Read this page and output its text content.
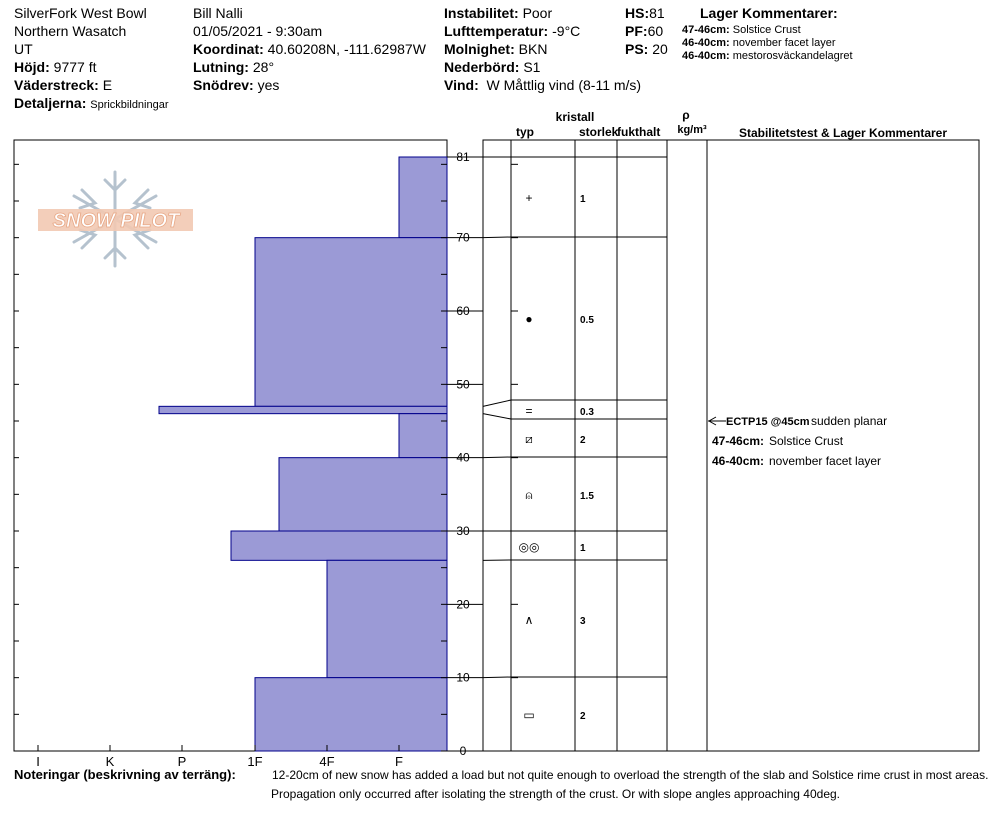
SilverFork West Bowl
Northern Wasatch
UT
Höjd: 9777 ft
Väderstreck: E
Detaljerna: Sprickbildningar
Bill Nalli
01/05/2021 - 9:30am
Koordinat: 40.60208N, -111.62987W
Lutning: 28°
Snödrev: yes
Instabilitet: Poor
Lufttemperatur: -9°C
Molnighet: BKN
Nederbörd: S1
Vind: W Måttlig vind (8-11 m/s)
HS:81
PF:60
PS: 20
Lager Kommentarer:
47-46cm: Solstice Crust
46-40cm: november facet layer
46-40cm: mestorosväckandelagret
kristall
typ	storlek
fukthalt
ρ
kg/m³	Stabilitetstest & Lager Kommentarer
0
10
20
30
40
50
60
70
81
I	K	P	1F	4F	F
SNOW PILOT
+	1
●	0.5
=	0.3
⧄	2
⍝	1.5
◎◎	1
∧	3
▭	2
ECTP15 @45cm sudden planar
47-46cm: Solstice Crust
46-40cm: november facet layer
Noteringar (beskrivning av terräng):	12-20cm of new snow has added a load but not quite enough to overload the strength of the slab and Solstice rime crust in most areas.
Propagation only occurred after isolating the strength of the crust. Or with slope angles approaching 40deg.
